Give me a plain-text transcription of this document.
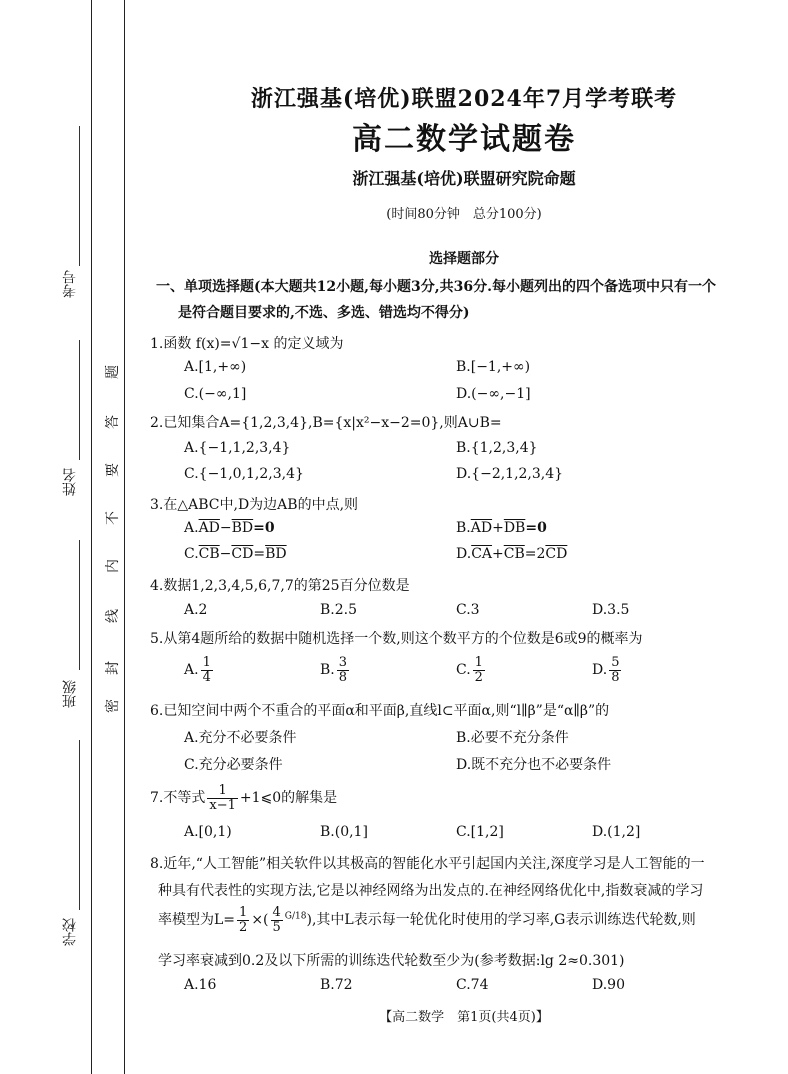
考号
姓名
班级
学校
密
封
线
内
不
要
答
题
浙江强基(培优)联盟2024年7月学考联考
高二数学试题卷
浙江强基(培优)联盟研究院命题
(时间80分钟　总分100分)
选择题部分
一、单项选择题(本大题共12小题,每小题3分,共36分.每小题列出的四个备选项中只有一个
是符合题目要求的,不选、多选、错选均不得分)
1.函数 f(x)=√1−x 的定义域为
A.[1,+∞)	B.[−1,+∞)
C.(−∞,1]	D.(−∞,−1]
2.已知集合A={1,2,3,4},B={x|x²−x−2=0},则A∪B=
A.{−1,1,2,3,4}	B.{1,2,3,4}
C.{−1,0,1,2,3,4}	D.{−2,1,2,3,4}
3.在△ABC中,D为边AB的中点,则
$A.\overline{AD}-\overline{BD}=0$	$B.\overline{AD}+\overline{DB}=0$
$C.\overline{CB}-\overline{CD}=\overline{BD}$	$D.\overline{CA}+\overline{CB}=2\overline{CD}$
4.数据1,2,3,4,5,6,7,7的第25百分位数是
A.2	B.2.5	C.3	D.3.5
5.从第4题所给的数据中随机选择一个数,则这个数平方的个位数是6或9的概率为
A. $\frac{1}{4}$	B. $\frac{3}{8}$	C. $\frac{1}{2}$	D. $\frac{5}{8}$
6.已知空间中两个不重合的平面α和平面β,直线l⊂平面α,则“l∥β”是“α∥β”的
A.充分不必要条件	B.必要不充分条件
C.充分必要条件	D.既不充分也不必要条件
7.不等式 $\frac{1}{x-1}$ +1⩽0的解集是
A.[0,1)	B.(0,1]	C.[1,2]	D.(1,2]
8.近年,“人工智能”相关软件以其极高的智能化水平引起国内关注,深度学习是人工智能的一
种具有代表性的实现方法,它是以神经网络为出发点的.在神经网络优化中,指数衰减的学习
率模型为$L= \frac{1}{2}$ ×( $\frac{4}{5} ^{G/18}$),其中L表示每一轮优化时使用的学习率,G表示训练迭代轮数,则
学习率衰减到0.2及以下所需的训练迭代轮数至少为(参考数据:lg 2≈0.301)
A.16	B.72	C.74	D.90
【高二数学　第1页(共4页)】
